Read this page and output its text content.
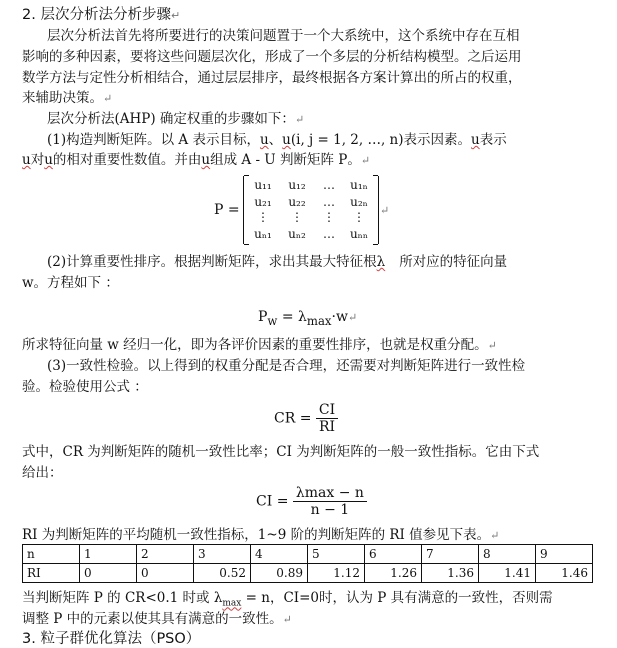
2. 层次分析法分析步骤↵
层次分析法首先将所要进行的决策问题置于一个大系统中，这个系统中存在互相
影响的多种因素，要将这些问题层次化，形成了一个多层的分析结构模型。之后运用
数学方法与定性分析相结合，通过层层排序，最终根据各方案计算出的所占的权重，
来辅助决策。↵
层次分析法(AHP) 确定权重的步骤如下：↵
(1)构造判断矩阵。以 A 表示目标，u、u(i, j = 1, 2, …, n)表示因素。u表示
u对u的相对重要性数值。并由u组成 A - U 判断矩阵 P。↵
P =
u₁₁	u₁₂	…	u₁ₙ
u₂₁	u₂₂	…	u₂ₙ
⋮	⋮	⋮	⋮
uₙ₁	uₙ₂	…	uₙₙ
↵
(2)计算重要性排序。根据判断矩阵，求出其最大特征根λ 所对应的特征向量
w。方程如下 ：
$P_w$ = $\lambda_{max}\cdot w↵$
所求特征向量 w 经归一化，即为各评价因素的重要性排序，也就是权重分配。↵
(3)一致性检验。以上得到的权重分配是否合理，还需要对判断矩阵进行一致性检
验。检验使用公式 ：
CR = $\frac{CI}{RI}$
式中，CR 为判断矩阵的随机一致性比率；CI 为判断矩阵的一般一致性指标。它由下式
给出：
CI = $\frac{\lambda\max - n}{n - 1}$
RI 为判断矩阵的平均随机一致性指标，1~9 阶的判断矩阵的 RI 值参见下表。↵
n	1	2	3	4	5	6	7	8	9
RI	0	0	0.52	0.89	1.12	1.26	1.36	1.41	1.46
当判断矩阵 P 的 CR<0.1 时或 $\lambda_{max} = n$，CI=0时，认为 P 具有满意的一致性，否则需
调整 P 中的元素以使其具有满意的一致性。↵
3. 粒子群优化算法（PSO）
